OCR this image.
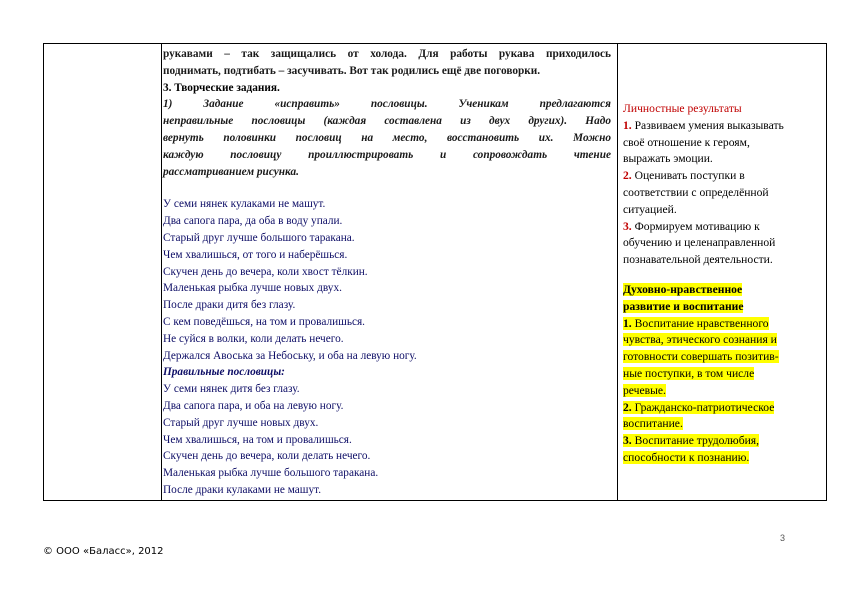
рукавами – так защищались от холода. Для работы рукава приходилось

поднимать, подтибать – засучивать. Вот так родились ещё две поговорки.

3. Творческие задания.

1) Задание «исправить» пословицы. Ученикам предлагаются

неправильные пословицы (каждая составлена из двух других). Надо

вернуть половинки пословиц на место, восстановить их. Можно

каждую пословицу проиллюстрировать и сопровождать чтение

рассматриванием рисунка.

У семи нянек кулаками не машут.

Два сапога пара, да оба в воду упали.

Старый друг лучше большого таракана.

Чем хвалишься, от того и наберёшься.

Скучен день до вечера, коли хвост тёлкин.

Маленькая рыбка лучше новых двух.

После драки дитя без глазу.

С кем поведёшься, на том и провалишься.

Не суйся в волки, коли делать нечего.

Держался Авоська за Небоську, и оба на левую ногу.

Правильные пословицы:

У семи нянек дитя без глазу.

Два сапога пара, и оба на левую ногу.

Старый друг лучше новых двух.

Чем хвалишься, на том и провалишься.

Скучен день до вечера, коли делать нечего.

Маленькая рыбка лучше большого таракана.

После драки кулаками не машут.

Личностные результаты
1. Развиваем умения выказывать
своё отношение к героям,
выражать эмоции.
2. Оценивать поступки в
соответствии с определённой
ситуацией.
3. Формируем мотивацию к
обучению и целенаправленной
познавательной деятельности.
Духовно-нравственное
развитие и воспитание
1. Воспитание нравственного
чувства, этического сознания и
готовности совершать позитив-
ные поступки, в том числе
речевые.
2. Гражданско-патриотическое
воспитание.
3. Воспитание трудолюбия,
способности к познанию.
3
© ООО «Баласс», 2012
